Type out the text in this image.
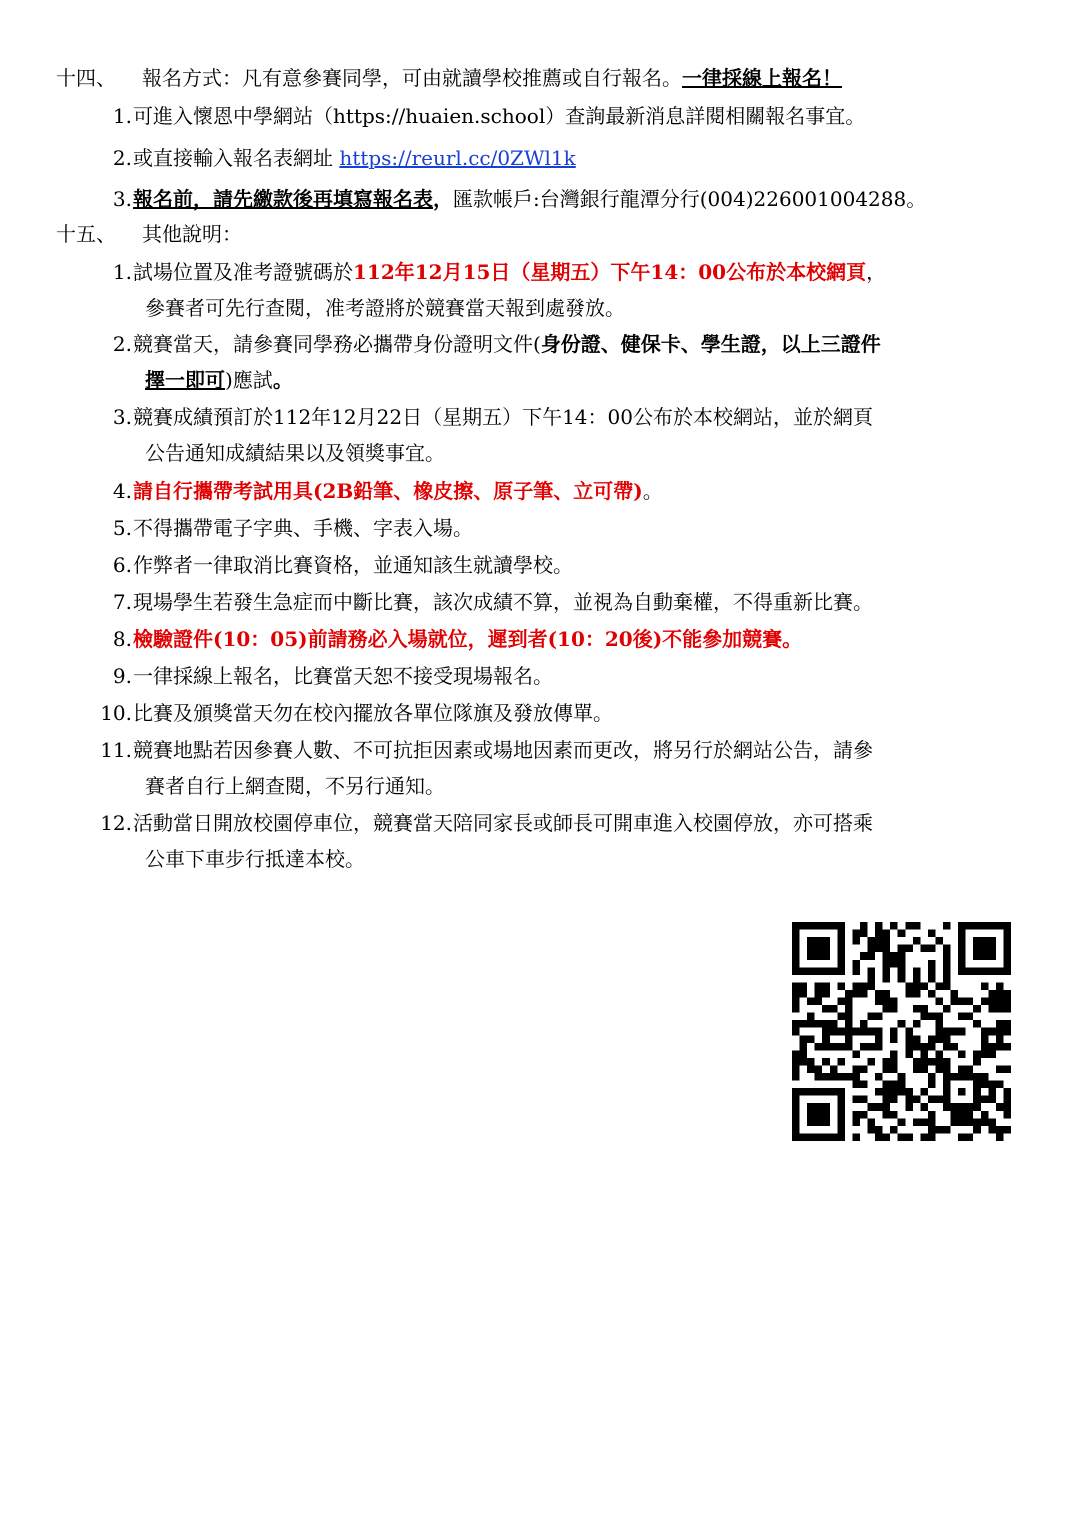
十四、 報名方式：凡有意參賽同學，可由就讀學校推薦或自行報名。一律採線上報名！
1. 可進入懷恩中學網站（https://huaien.school）查詢最新消息詳閱相關報名事宜。
2. 或直接輸入報名表網址 https://reurl.cc/0ZWl1k
3. 報名前，請先繳款後再填寫報名表，匯款帳戶:台灣銀行龍潭分行(004)226001004288。
十五、 其他說明：
1. 試場位置及准考證號碼於112年12月15日（星期五）下午14：00公布於本校網頁，
參賽者可先行查閱，准考證將於競賽當天報到處發放。
2. 競賽當天，請參賽同學務必攜帶身份證明文件(身份證、健保卡、學生證，以上三證件
擇一即可)應試。
3. 競賽成績預訂於112年12月22日（星期五）下午14：00公布於本校網站，並於網頁
公告通知成績結果以及領獎事宜。
4. 請自行攜帶考試用具(2B鉛筆、橡皮擦、原子筆、立可帶)。
5. 不得攜帶電子字典、手機、字表入場。
6. 作弊者一律取消比賽資格，並通知該生就讀學校。
7. 現場學生若發生急症而中斷比賽，該次成績不算，並視為自動棄權，不得重新比賽。
8. 檢驗證件(10：05)前請務必入場就位，遲到者(10：20後)不能參加競賽。
9. 一律採線上報名，比賽當天恕不接受現場報名。
10. 比賽及頒獎當天勿在校內擺放各單位隊旗及發放傳單。
11. 競賽地點若因參賽人數、不可抗拒因素或場地因素而更改，將另行於網站公告，請參
賽者自行上網查閱，不另行通知。
12. 活動當日開放校園停車位，競賽當天陪同家長或師長可開車進入校園停放，亦可搭乘
公車下車步行抵達本校。
